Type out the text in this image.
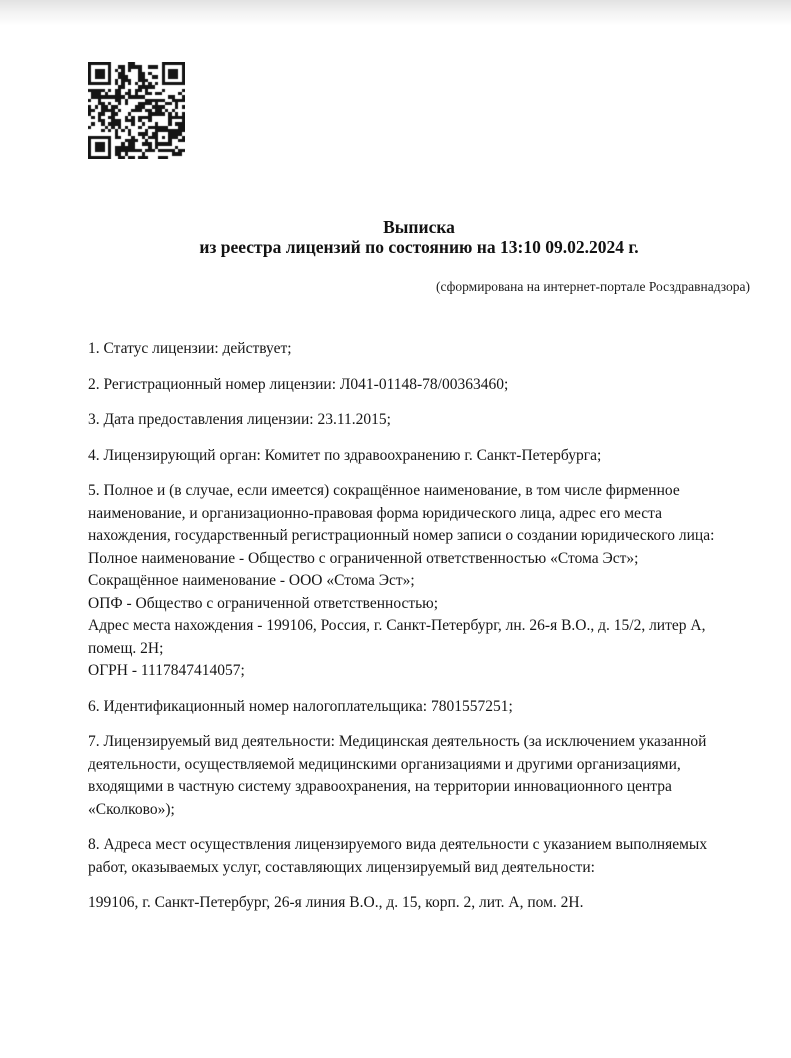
Выписка
из реестра лицензий по состоянию на 13:10 09.02.2024 г.
(сформирована на интернет-портале Росздравнадзора)

1. Статус лицензии: действует;

2. Регистрационный номер лицензии: Л041-01148-78/00363460;

3. Дата предоставления лицензии: 23.11.2015;

4. Лицензирующий орган: Комитет по здравоохранению г. Санкт-Петербурга;

5. Полное и (в случае, если имеется) сокращённое наименование, в том числе фирменное наименование, и организационно-правовая форма юридического лица, адрес его места нахождения, государственный регистрационный номер записи о создании юридического лица:

Полное наименование - Общество с ограниченной ответственностью «Стома Эст»;

Сокращённое наименование - ООО «Стома Эст»;

ОПФ - Общество с ограниченной ответственностью;

Адрес места нахождения - 199106, Россия, г. Санкт-Петербург, лн. 26-я В.О., д. 15/2, литер А, помещ. 2Н;

ОГРН - 1117847414057;

6. Идентификационный номер налогоплательщика: 7801557251;

7. Лицензируемый вид деятельности: Медицинская деятельность (за исключением указанной деятельности, осуществляемой медицинскими организациями и другими организациями, входящими в частную систему здравоохранения, на территории инновационного центра «Сколково»);

8. Адреса мест осуществления лицензируемого вида деятельности с указанием выполняемых работ, оказываемых услуг, составляющих лицензируемый вид деятельности:

199106, г. Санкт-Петербург, 26-я линия В.О., д. 15, корп. 2, лит. А, пом. 2Н.
